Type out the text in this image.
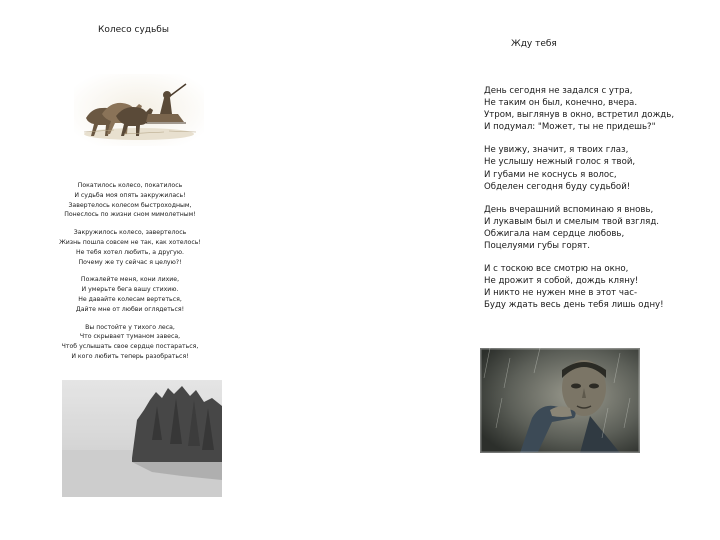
Колесо судьбы
Покатилось колесо, покатилось
И судьба моя опять закружилась!
Завертелось колесом быстроходным,
Понеслось по жизни сном мимолетным!
Закружилось колесо, завертелось
Жизнь пошла совсем не так, как хотелось!
Не тебя хотел любить, а другую.
Почему же ту сейчас я целую?!
Пожалейте меня, кони лихие,
И умерьте бега вашу стихию.
Не давайте колесам вертеться,
Дайте мне от любви оглядеться!
Вы постойте у тихого леса,
Что скрывает туманом завеса,
Чтоб услышать свое сердце постараться,
И кого любить теперь разобраться!
Жду тебя
День сегодня не задался с утра,
Не таким он был, конечно, вчера.
Утром, выглянув в окно, встретил дождь,
И подумал: "Может, ты не придешь?"
Не увижу, значит, я твоих глаз,
Не услышу нежный голос я твой,
И губами не коснусь я волос,
Обделен сегодня буду судьбой!
День вчерашний вспоминаю я вновь,
И лукавым был и смелым твой взгляд.
Обжигала нам сердце любовь,
Поцелуями губы горят.
И с тоскою все смотрю на окно,
Не дрожит я собой, дождь кляну!
И никто не нужен мне в этот час-
Буду ждать весь день тебя лишь одну!
